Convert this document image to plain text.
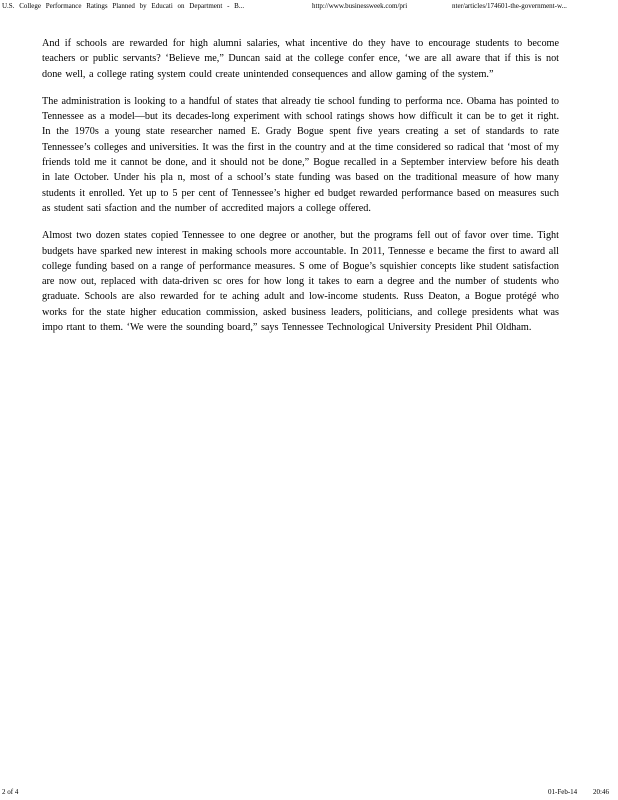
U.S. College Performance Ratings Planned by Educati on Department - B...	http://www.businessweek.com/pri	nter/articles/174601-the-government-w...

And if schools are rewarded for high alumni salaries, what incentive do they have to encourage students to become teachers or public servants? ‘Believe me,” Duncan said at the college confer ence, ‘we are all aware that if this is not done well, a college rating system could create unintended consequences and allow gaming of the system.”

The administration is looking to a handful of states that already tie school funding to performa nce. Obama has pointed to Tennessee as a model—but its decades-long experiment with school ratings shows how difficult it can be to get it right. In the 1970s a young state researcher named E. Grady Bogue spent five years creating a set of standards to rate Tennessee’s colleges and universities. It was the first in the country and at the time considered so radical that ‘most of my friends told me it cannot be done, and it should not be done,” Bogue recalled in a September interview before his death in late October. Under his pla n, most of a school’s state funding was based on the traditional measure of how many students it enrolled. Yet up to 5 per cent of Tennessee’s higher ed budget rewarded performance based on measures such as student sati sfaction and the number of accredited majors a college offered.

Almost two dozen states copied Tennessee to one degree or another, but the programs fell out of favor over time. Tight budgets have sparked new interest in making schools more accountable. In 2011, Tennesse e became the first to award all college funding based on a range of performance measures. S ome of Bogue’s squishier concepts like student satisfaction are now out, replaced with data-driven sc ores for how long it takes to earn a degree and the number of students who graduate. Schools are also rewarded for te aching adult and low-income students. Russ Deaton, a Bogue protégé who works for the state higher education commission, asked business leaders, politicians, and college presidents what was impo rtant to them. ‘We were the sounding board,” says Tennessee Technological University President Phil Oldham.

2 of 4	01-Feb-14 20:46
